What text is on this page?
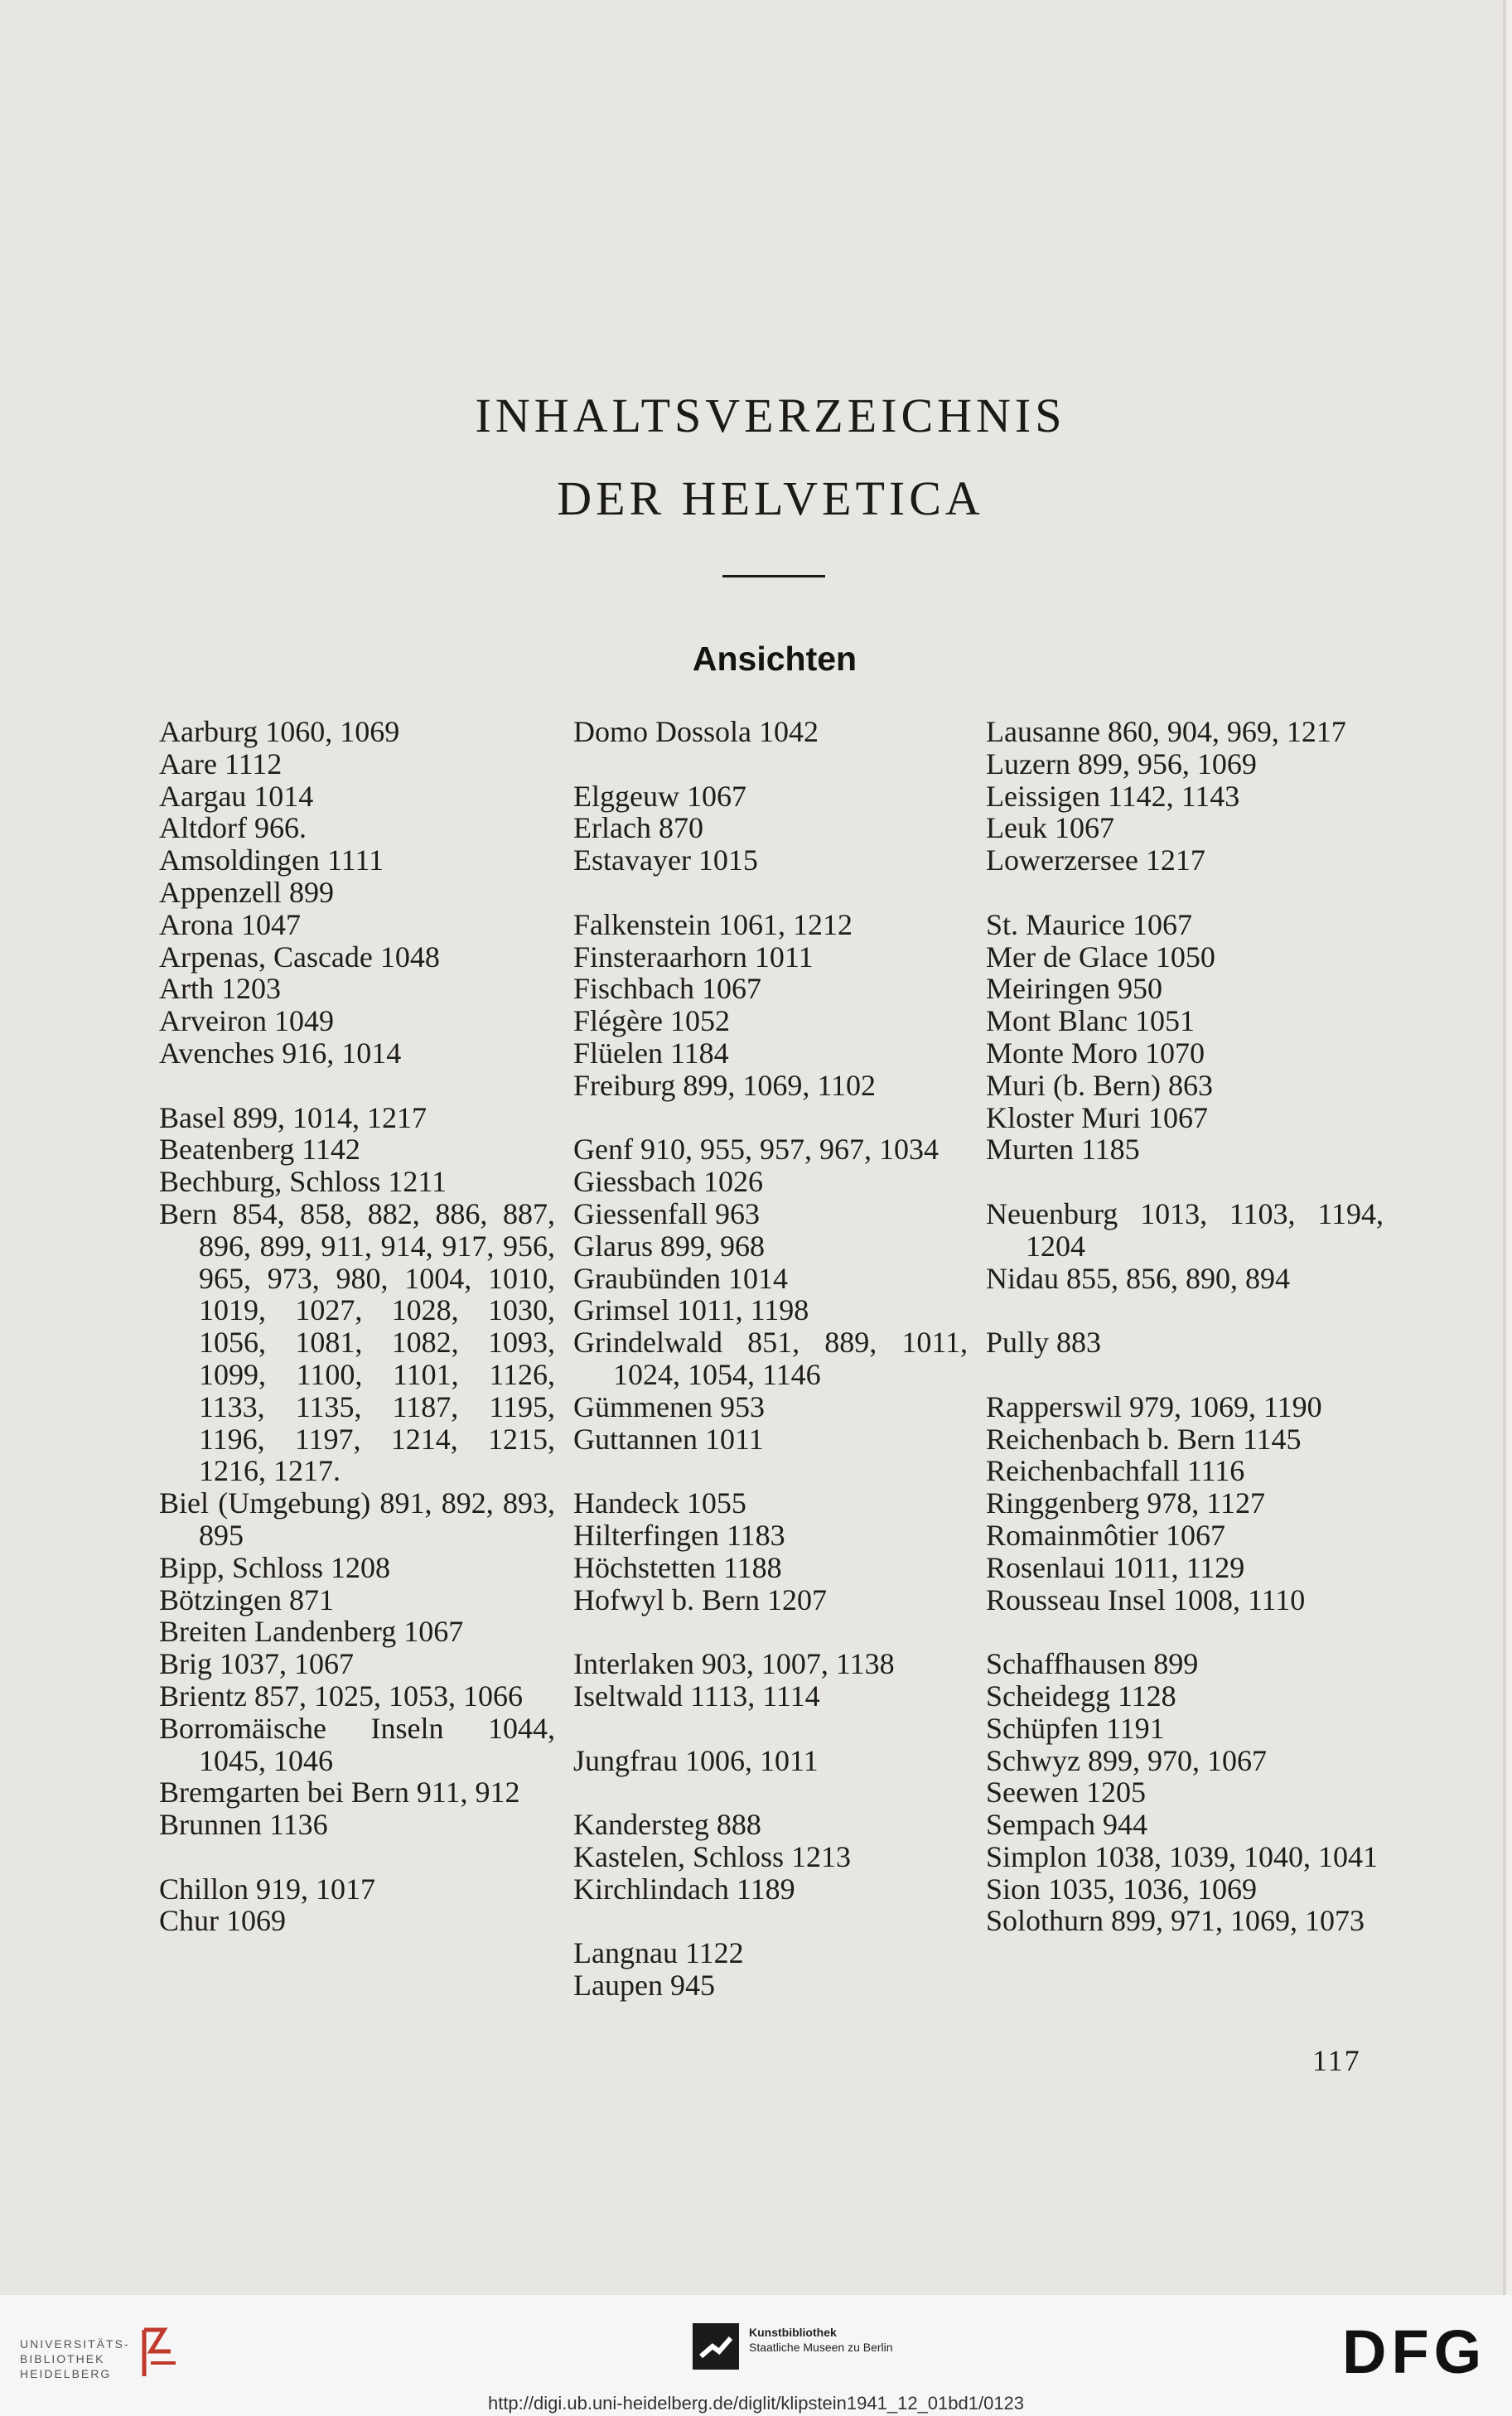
INHALTSVERZEICHNIS
DER HELVETICA
Ansichten
Aarburg 1060, 1069
Aare 1112
Aargau 1014
Altdorf 966.
Amsoldingen 1111
Appenzell 899
Arona 1047
Arpenas, Cascade 1048
Arth 1203
Arveiron 1049
Avenches 916, 1014
Basel 899, 1014, 1217
Beatenberg 1142
Bechburg, Schloss 1211
Bern 854, 858, 882, 886, 887, 896, 899, 911, 914, 917, 956, 965, 973, 980, 1004, 1010, 1019, 1027, 1028, 1030, 1056, 1081, 1082, 1093, 1099, 1100, 1101, 1126, 1133, 1135, 1187, 1195, 1196, 1197, 1214, 1215, 1216, 1217.
Biel (Umgebung) 891, 892, 893, 895
Bipp, Schloss 1208
Bötzingen 871
Breiten Landenberg 1067
Brig 1037, 1067
Brientz 857, 1025, 1053, 1066
Borromäische Inseln 1044, 1045, 1046
Bremgarten bei Bern 911, 912
Brunnen 1136
Chillon 919, 1017
Chur 1069
Domo Dossola 1042
Elggeuw 1067
Erlach 870
Estavayer 1015
Falkenstein 1061, 1212
Finsteraarhorn 1011
Fischbach 1067
Flégère 1052
Flüelen 1184
Freiburg 899, 1069, 1102
Genf 910, 955, 957, 967, 1034
Giessbach 1026
Giessenfall 963
Glarus 899, 968
Graubünden 1014
Grimsel 1011, 1198
Grindelwald 851, 889, 1011, 1024, 1054, 1146
Gümmenen 953
Guttannen 1011
Handeck 1055
Hilterfingen 1183
Höchstetten 1188
Hofwyl b. Bern 1207
Interlaken 903, 1007, 1138
Iseltwald 1113, 1114
Jungfrau 1006, 1011
Kandersteg 888
Kastelen, Schloss 1213
Kirchlindach 1189
Langnau 1122
Laupen 945
Lausanne 860, 904, 969, 1217
Luzern 899, 956, 1069
Leissigen 1142, 1143
Leuk 1067
Lowerzersee 1217
St. Maurice 1067
Mer de Glace 1050
Meiringen 950
Mont Blanc 1051
Monte Moro 1070
Muri (b. Bern) 863
Kloster Muri 1067
Murten 1185
Neuenburg 1013, 1103, 1194, 1204
Nidau 855, 856, 890, 894
Pully 883
Rapperswil 979, 1069, 1190
Reichenbach b. Bern 1145
Reichenbachfall 1116
Ringgenberg 978, 1127
Romainmôtier 1067
Rosenlaui 1011, 1129
Rousseau Insel 1008, 1110
Schaffhausen 899
Scheidegg 1128
Schüpfen 1191
Schwyz 899, 970, 1067
Seewen 1205
Sempach 944
Simplon 1038, 1039, 1040, 1041
Sion 1035, 1036, 1069
Solothurn 899, 971, 1069, 1073
117
UNIVERSITÄTS-
BIBLIOTHEK
HEIDELBERG
Kunstbibliothek
Staatliche Museen zu Berlin	DFG
http://digi.ub.uni-heidelberg.de/diglit/klipstein1941_12_01bd1/0123
